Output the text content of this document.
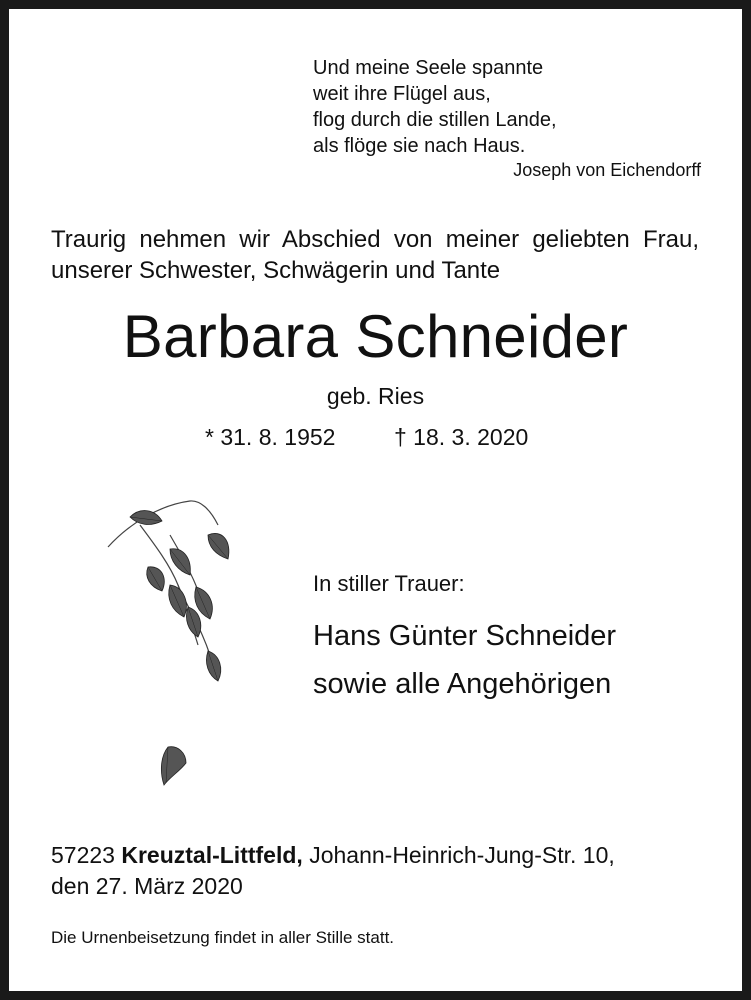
Und meine Seele spannte
weit ihre Flügel aus,
flog durch die stillen Lande,
als flöge sie nach Haus.
Joseph von Eichendorff
Traurig nehmen wir Abschied von meiner geliebten Frau, unserer Schwester, Schwägerin und Tante
Barbara Schneider
geb. Ries
* 31. 8. 1952	† 18. 3. 2020
In stiller Trauer:
Hans Günter Schneider
sowie alle Angehörigen
57223 Kreuztal-Littfeld, Johann-Heinrich-Jung-Str. 10,
den 27. März 2020
Die Urnenbeisetzung findet in aller Stille statt.
